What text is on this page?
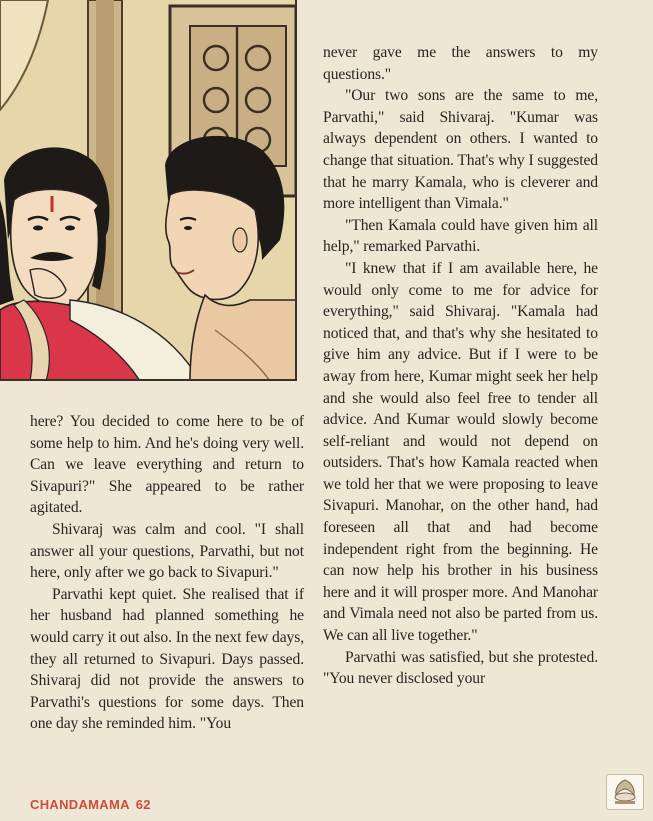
here? You decided to come here to be of some help to him. And he's doing very well. Can we leave everything and return to Sivapuri?" She appeared to be rather agitated.

Shivaraj was calm and cool. "I shall answer all your questions, Parvathi, but not here, only after we go back to Sivapuri."

Parvathi kept quiet. She realised that if her husband had planned something he would carry it out also. In the next few days, they all returned to Sivapuri. Days passed. Shivaraj did not provide the answers to Parvathi's questions for some days. Then one day she reminded him. "You

never gave me the answers to my questions."

"Our two sons are the same to me, Parvathi," said Shivaraj. "Kumar was always dependent on others. I wanted to change that situation. That's why I suggested that he marry Kamala, who is cleverer and more intelligent than Vimala."

"Then Kamala could have given him all help," remarked Parvathi.

"I knew that if I am available here, he would only come to me for advice for everything," said Shivaraj. "Kamala had noticed that, and that's why she hesitated to give him any advice. But if I were to be away from here, Kumar might seek her help and she would also feel free to tender all advice. And Kumar would slowly become self-reliant and would not depend on outsiders. That's how Kamala reacted when we told her that we were proposing to leave Sivapuri. Manohar, on the other hand, had foreseen all that and had become independent right from the beginning. He can now help his brother in his business here and it will prosper more. And Manohar and Vimala need not also be parted from us. We can all live together."

Parvathi was satisfied, but she protested. "You never disclosed your

CHANDAMAMA 62
